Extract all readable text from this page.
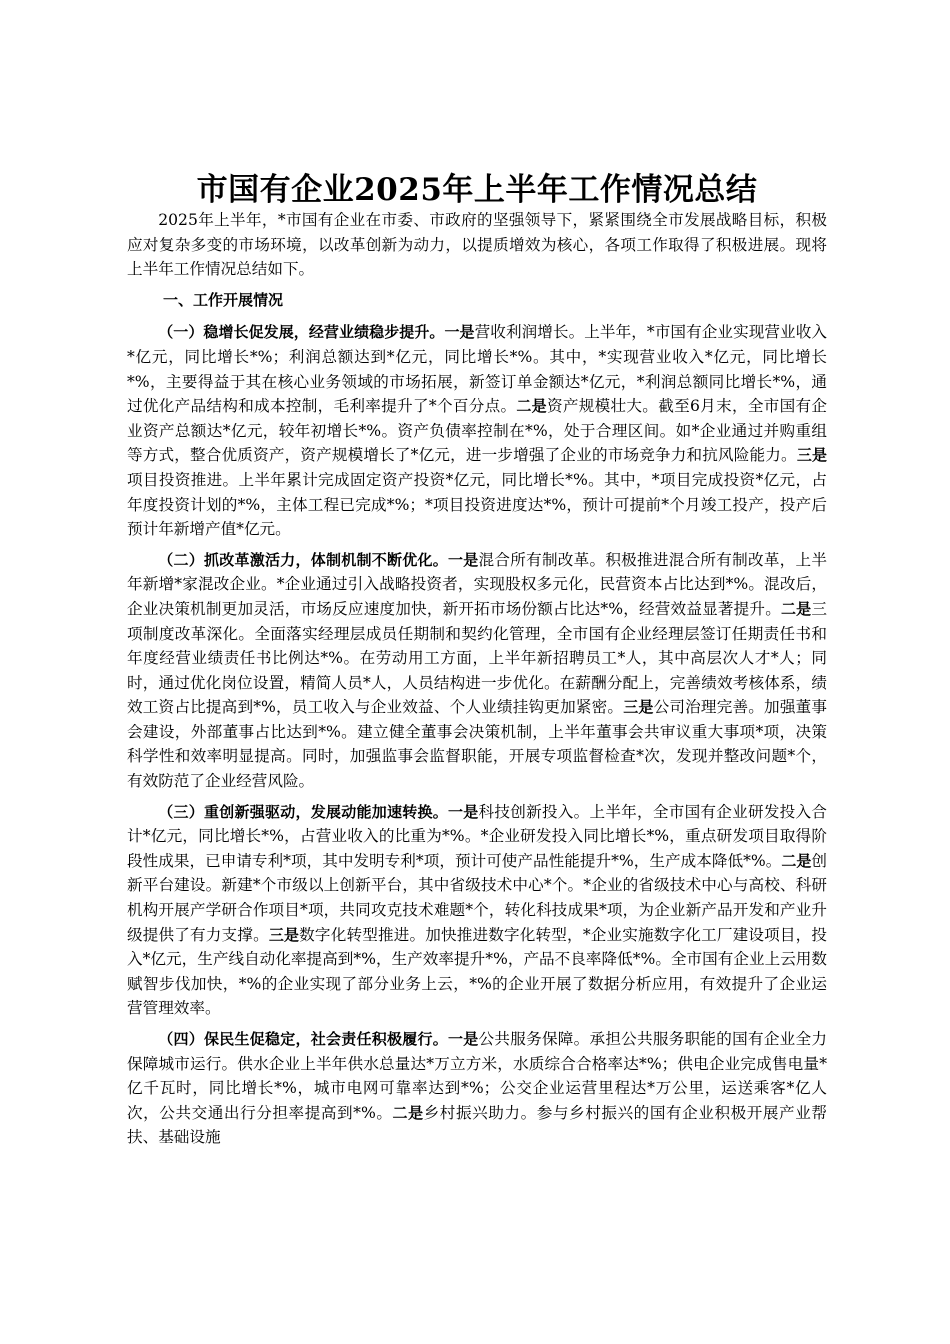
市国有企业2025年上半年工作情况总结

2025年上半年，*市国有企业在市委、市政府的坚强领导下，紧紧围绕全市发展战略目标，积极应对复杂多变的市场环境，以改革创新为动力，以提质增效为核心，各项工作取得了积极进展。现将上半年工作情况总结如下。

一、工作开展情况

（一）稳增长促发展，经营业绩稳步提升。一是营收利润增长。上半年，*市国有企业实现营业收入*亿元，同比增长*%；利润总额达到*亿元，同比增长*%。其中，*实现营业收入*亿元，同比增长*%，主要得益于其在核心业务领域的市场拓展，新签订单金额达*亿元，*利润总额同比增长*%，通过优化产品结构和成本控制，毛利率提升了*个百分点。二是资产规模壮大。截至6月末，全市国有企业资产总额达*亿元，较年初增长*%。资产负债率控制在*%，处于合理区间。如*企业通过并购重组等方式，整合优质资产，资产规模增长了*亿元，进一步增强了企业的市场竞争力和抗风险能力。三是项目投资推进。上半年累计完成固定资产投资*亿元，同比增长*%。其中，*项目完成投资*亿元，占年度投资计划的*%，主体工程已完成*%；*项目投资进度达*%，预计可提前*个月竣工投产，投产后预计年新增产值*亿元。

（二）抓改革激活力，体制机制不断优化。一是混合所有制改革。积极推进混合所有制改革，上半年新增*家混改企业。*企业通过引入战略投资者，实现股权多元化，民营资本占比达到*%。混改后，企业决策机制更加灵活，市场反应速度加快，新开拓市场份额占比达*%，经营效益显著提升。二是三项制度改革深化。全面落实经理层成员任期制和契约化管理，全市国有企业经理层签订任期责任书和年度经营业绩责任书比例达*%。在劳动用工方面，上半年新招聘员工*人，其中高层次人才*人；同时，通过优化岗位设置，精简人员*人，人员结构进一步优化。在薪酬分配上，完善绩效考核体系，绩效工资占比提高到*%，员工收入与企业效益、个人业绩挂钩更加紧密。三是公司治理完善。加强董事会建设，外部董事占比达到*%。建立健全董事会决策机制，上半年董事会共审议重大事项*项，决策科学性和效率明显提高。同时，加强监事会监督职能，开展专项监督检查*次，发现并整改问题*个，有效防范了企业经营风险。

（三）重创新强驱动，发展动能加速转换。一是科技创新投入。上半年，全市国有企业研发投入合计*亿元，同比增长*%，占营业收入的比重为*%。*企业研发投入同比增长*%，重点研发项目取得阶段性成果，已申请专利*项，其中发明专利*项，预计可使产品性能提升*%，生产成本降低*%。二是创新平台建设。新建*个市级以上创新平台，其中省级技术中心*个。*企业的省级技术中心与高校、科研机构开展产学研合作项目*项，共同攻克技术难题*个，转化科技成果*项，为企业新产品开发和产业升级提供了有力支撑。三是数字化转型推进。加快推进数字化转型，*企业实施数字化工厂建设项目，投入*亿元，生产线自动化率提高到*%，生产效率提升*%，产品不良率降低*%。全市国有企业上云用数赋智步伐加快，*%的企业实现了部分业务上云，*%的企业开展了数据分析应用，有效提升了企业运营管理效率。

（四）保民生促稳定，社会责任积极履行。一是公共服务保障。承担公共服务职能的国有企业全力保障城市运行。供水企业上半年供水总量达*万立方米，水质综合合格率达*%；供电企业完成售电量*亿千瓦时，同比增长*%，城市电网可靠率达到*%；公交企业运营里程达*万公里，运送乘客*亿人次，公共交通出行分担率提高到*%。二是乡村振兴助力。参与乡村振兴的国有企业积极开展产业帮扶、基础设施
